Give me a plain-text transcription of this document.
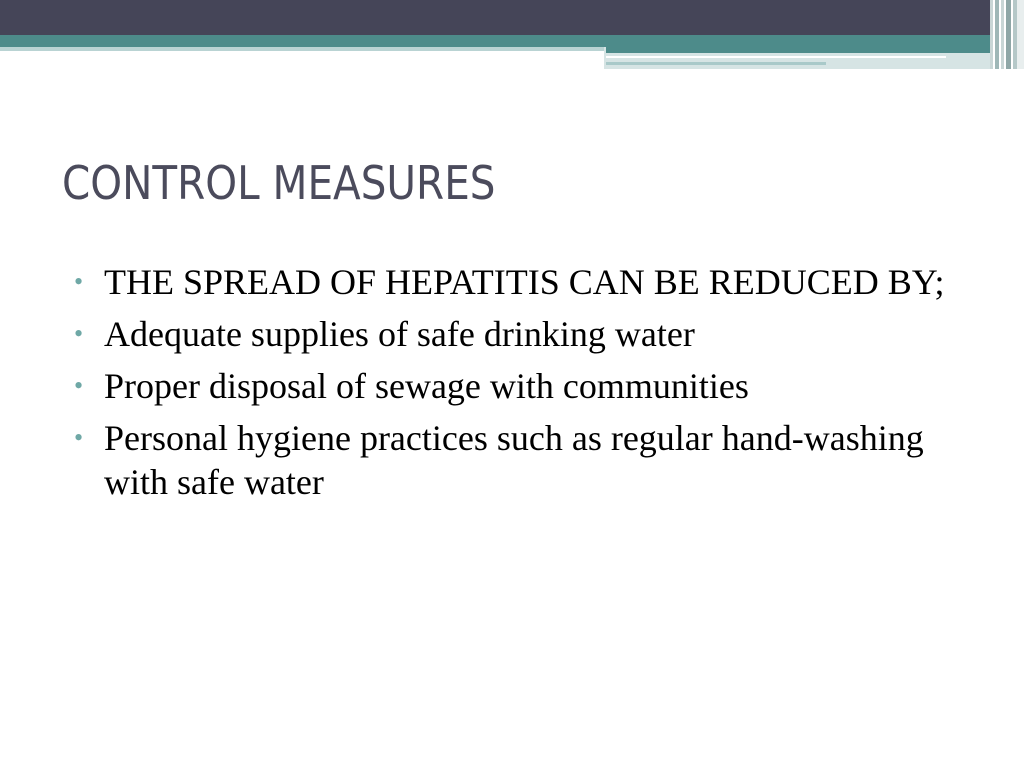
CONTROL MEASURES
• THE SPREAD OF HEPATITIS CAN BE REDUCED BY;
• Adequate supplies of safe drinking water
• Proper disposal of sewage with communities
• Personal hygiene practices such as regular hand-washing with safe water
